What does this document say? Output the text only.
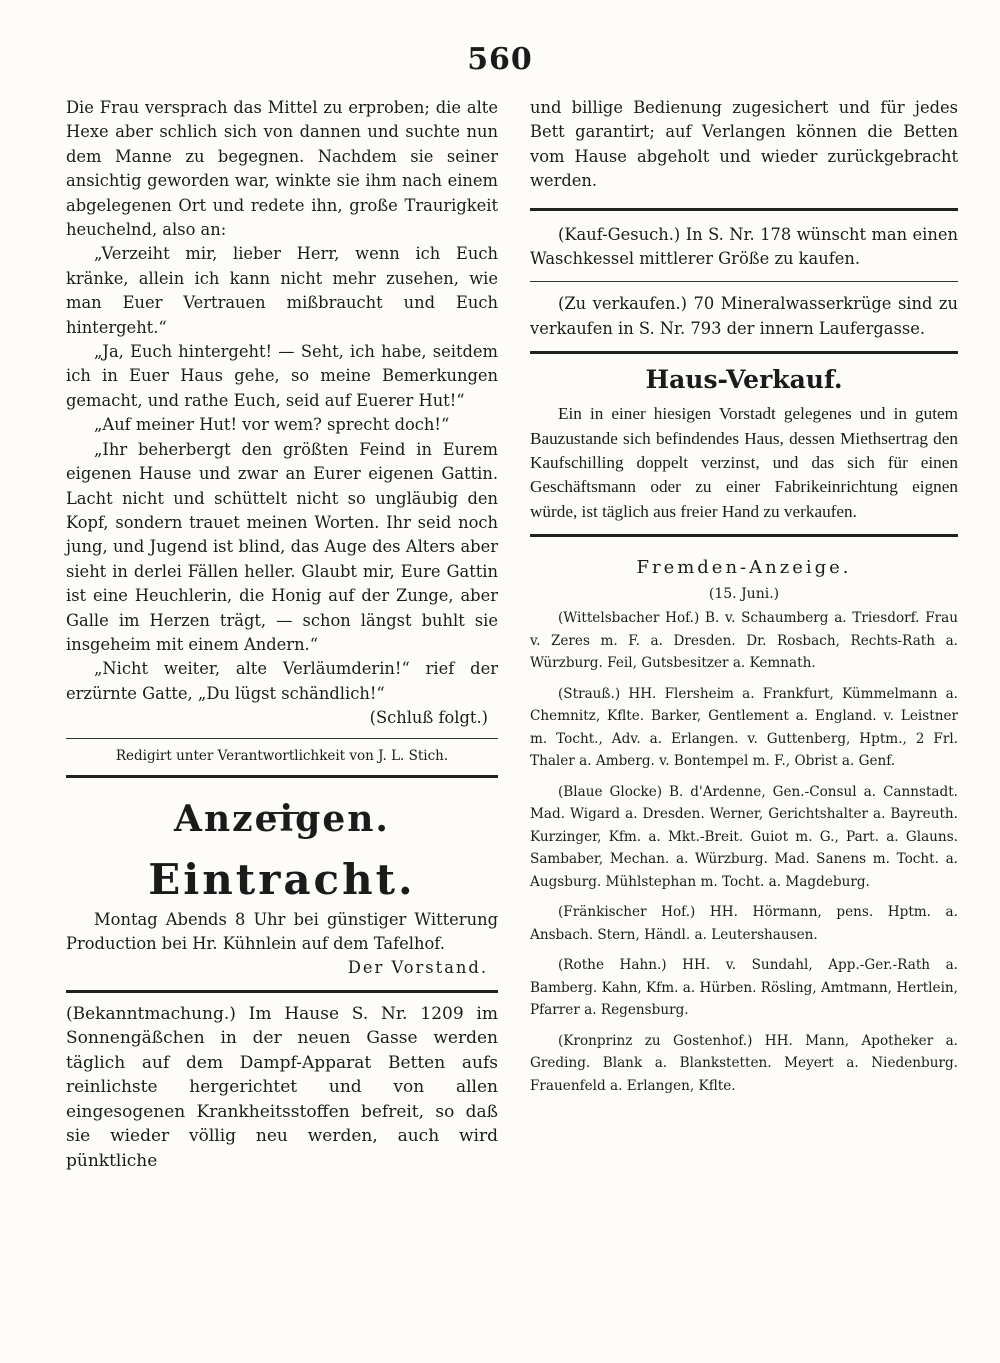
560

Die Frau versprach das Mittel zu erproben; die alte Hexe aber schlich sich von dannen und suchte nun dem Manne zu begegnen. Nachdem sie seiner ansichtig geworden war, winkte sie ihm nach einem abgelegenen Ort und redete ihn, große Traurigkeit heuchelnd, also an:

„Verzeiht mir, lieber Herr, wenn ich Euch kränke, allein ich kann nicht mehr zusehen, wie man Euer Vertrauen mißbraucht und Euch hintergeht.“

„Ja, Euch hintergeht! — Seht, ich habe, seitdem ich in Euer Haus gehe, so meine Bemerkungen gemacht, und rathe Euch, seid auf Euerer Hut!“

„Auf meiner Hut! vor wem? sprecht doch!“

„Ihr beherbergt den größten Feind in Eurem eigenen Hause und zwar an Eurer eigenen Gattin. Lacht nicht und schüttelt nicht so ungläubig den Kopf, sondern trauet meinen Worten. Ihr seid noch jung, und Jugend ist blind, das Auge des Alters aber sieht in derlei Fällen heller. Glaubt mir, Eure Gattin ist eine Heuchlerin, die Honig auf der Zunge, aber Galle im Herzen trägt, — schon längst buhlt sie insgeheim mit einem Andern.“

„Nicht weiter, alte Verläumderin!“ rief der erzürnte Gatte, „Du lügst schändlich!“

(Schluß folgt.)

Redigirt unter Verantwortlichkeit von J. L. Stich.

Anzeigen.

Eintracht.

Montag Abends 8 Uhr bei günstiger Witterung Production bei Hr. Kühnlein auf dem Tafelhof.

Der Vorstand.

(Bekanntmachung.) Im Hause S. Nr. 1209 im Sonnengäßchen in der neuen Gasse werden täglich auf dem Dampf-Apparat Betten aufs reinlichste hergerichtet und von allen eingesogenen Krankheitsstoffen befreit, so daß sie wieder völlig neu werden, auch wird pünktliche

und billige Bedienung zugesichert und für jedes Bett garantirt; auf Verlangen können die Betten vom Hause abgeholt und wieder zurückgebracht werden.

(Kauf-Gesuch.) In S. Nr. 178 wünscht man einen Waschkessel mittlerer Größe zu kaufen.

(Zu verkaufen.) 70 Mineralwasserkrüge sind zu verkaufen in S. Nr. 793 der innern Laufergasse.

Haus-Verkauf.

Ein in einer hiesigen Vorstadt gelegenes und in gutem Bauzustande sich befindendes Haus, dessen Miethsertrag den Kaufschilling doppelt verzinst, und das sich für einen Geschäftsmann oder zu einer Fabrikeinrichtung eignen würde, ist täglich aus freier Hand zu verkaufen.

Fremden-Anzeige.

(15. Juni.)

(Wittelsbacher Hof.) B. v. Schaumberg a. Triesdorf. Frau v. Zeres m. F. a. Dresden. Dr. Rosbach, Rechts-Rath a. Würzburg. Feil, Gutsbesitzer a. Kemnath.

(Strauß.) HH. Flersheim a. Frankfurt, Kümmelmann a. Chemnitz, Kflte. Barker, Gentlement a. England. v. Leistner m. Tocht., Adv. a. Erlangen. v. Guttenberg, Hptm., 2 Frl. Thaler a. Amberg. v. Bontempel m. F., Obrist a. Genf.

(Blaue Glocke) B. d'Ardenne, Gen.-Consul a. Cannstadt. Mad. Wigard a. Dresden. Werner, Gerichtshalter a. Bayreuth. Kurzinger, Kfm. a. Mkt.-Breit. Guiot m. G., Part. a. Glauns. Sambaber, Mechan. a. Würzburg. Mad. Sanens m. Tocht. a. Augsburg. Mühlstephan m. Tocht. a. Magdeburg.

(Fränkischer Hof.) HH. Hörmann, pens. Hptm. a. Ansbach. Stern, Händl. a. Leutershausen.

(Rothe Hahn.) HH. v. Sundahl, App.-Ger.-Rath a. Bamberg. Kahn, Kfm. a. Hürben. Rösling, Amtmann, Hertlein, Pfarrer a. Regensburg.

(Kronprinz zu Gostenhof.) HH. Mann, Apotheker a. Greding. Blank a. Blankstetten. Meyert a. Niedenburg. Frauenfeld a. Erlangen, Kflte.
